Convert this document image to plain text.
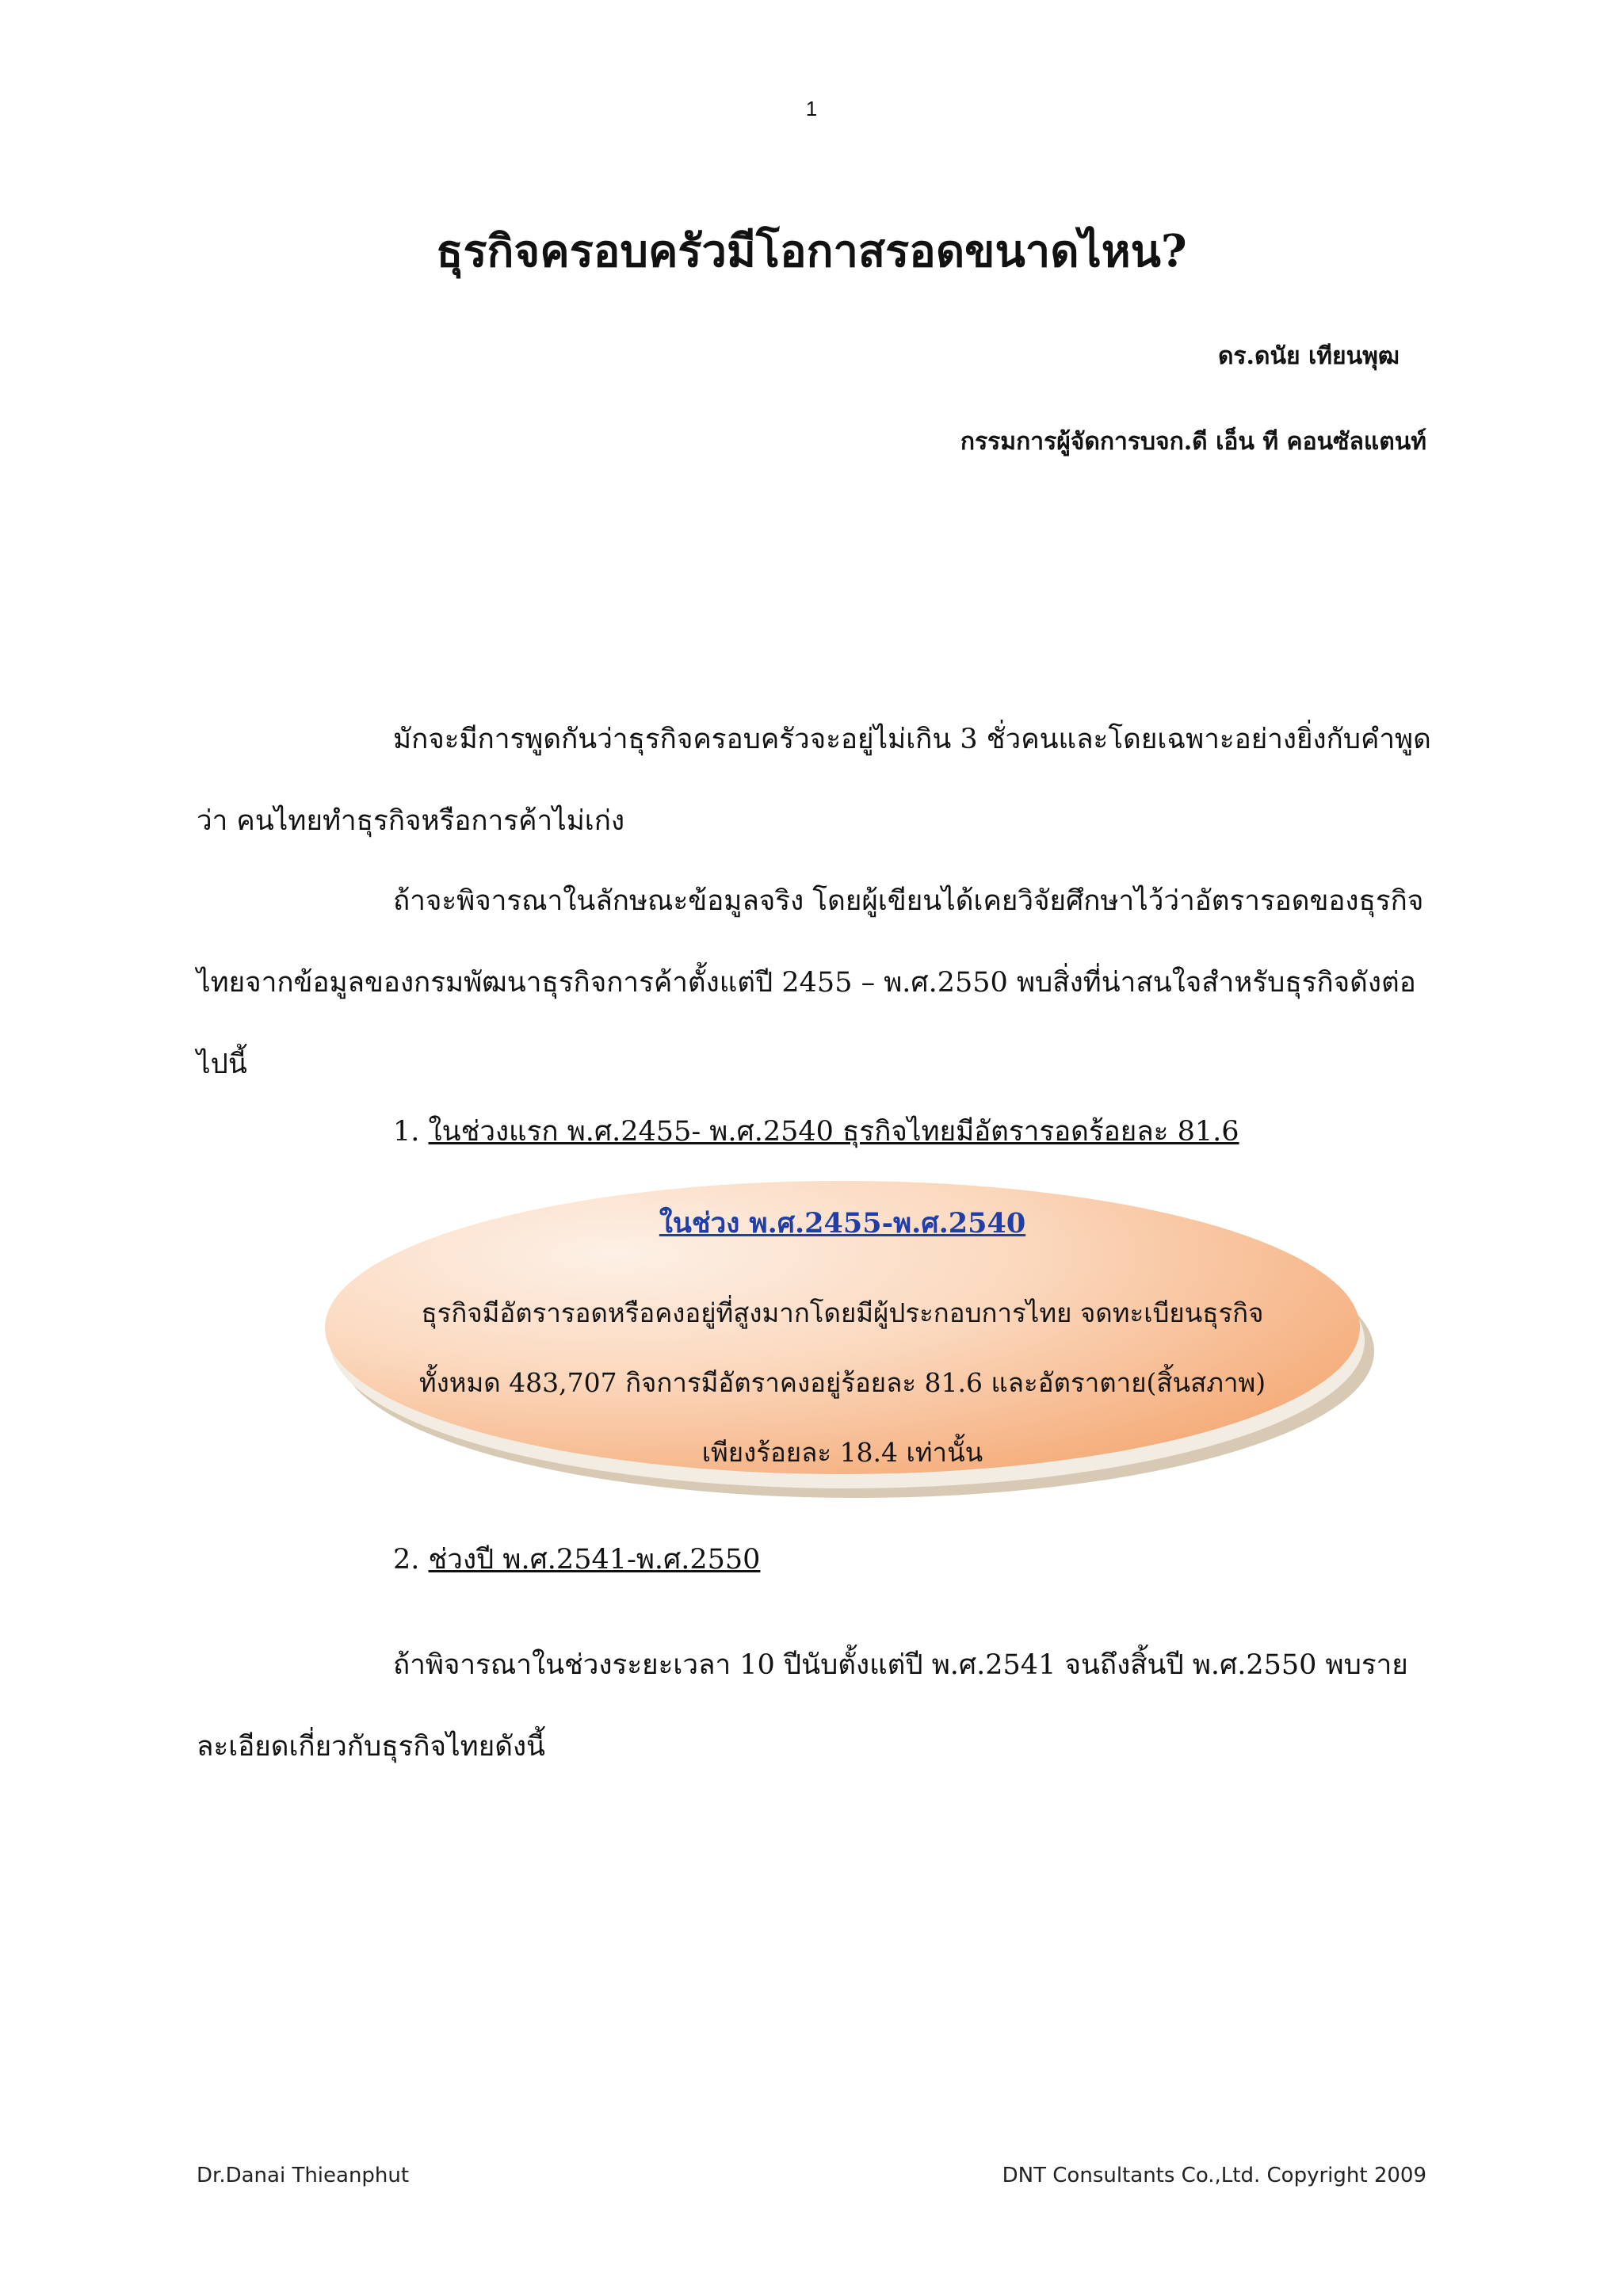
1
ธุรกิจครอบครัวมีโอกาสรอดขนาดไหน?
ดร.ดนัย เทียนพุฒ
กรรมการผู้จัดการบจก.ดี เอ็น ที คอนซัลแตนท์

มักจะมีการพูดกันว่าธุรกิจครอบครัวจะอยู่ไม่เกิน 3 ชั่วคนและโดยเฉพาะอย่างยิ่งกับคำพูดว่า คนไทยทำธุรกิจหรือการค้าไม่เก่ง

ถ้าจะพิจารณาในลักษณะข้อมูลจริง โดยผู้เขียนได้เคยวิจัยศึกษาไว้ว่าอัตรารอดของธุรกิจไทยจากข้อมูลของกรมพัฒนาธุรกิจการค้าตั้งแต่ปี 2455 – พ.ศ.2550 พบสิ่งที่น่าสนใจสำหรับธุรกิจดังต่อไปนี้

1. ในช่วงแรก พ.ศ.2455- พ.ศ.2540 ธุรกิจไทยมีอัตรารอดร้อยละ 81.6

ในช่วง พ.ศ.2455-พ.ศ.2540
ธุรกิจมีอัตรารอดหรือคงอยู่ที่สูงมากโดยมีผู้ประกอบการไทย จดทะเบียนธุรกิจ
ทั้งหมด 483,707 กิจการมีอัตราคงอยู่ร้อยละ 81.6 และอัตราตาย(สิ้นสภาพ)
เพียงร้อยละ 18.4 เท่านั้น

2. ช่วงปี พ.ศ.2541-พ.ศ.2550

ถ้าพิจารณาในช่วงระยะเวลา 10 ปีนับตั้งแต่ปี พ.ศ.2541 จนถึงสิ้นปี พ.ศ.2550 พบรายละเอียดเกี่ยวกับธุรกิจไทยดังนี้

Dr.Danai Thieanphut	DNT Consultants Co.,Ltd. Copyright 2009
